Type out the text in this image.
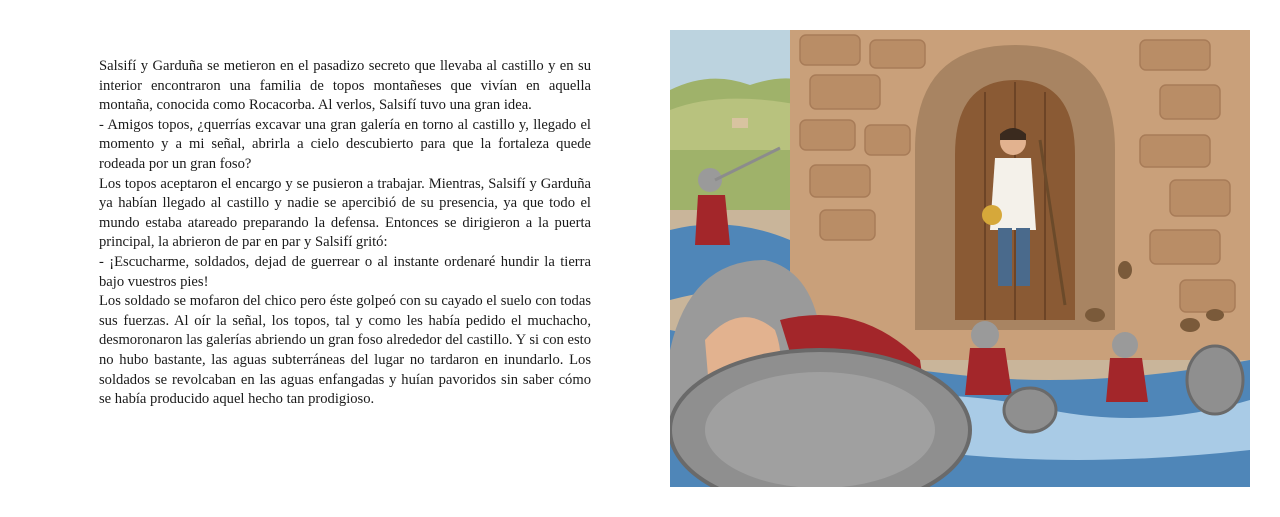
Salsifí y Garduña se metieron en el pasadizo secreto que llevaba al castillo y en su interior encontraron una familia de topos montañeses que vivían en aquella montaña, conocida como Rocacorba. Al verlos, Salsifí tuvo una gran idea.

- Amigos topos, ¿querrías excavar una gran galería en torno al castillo y, llegado el momento y a mi señal, abrirla a cielo descubierto para que la fortaleza quede rodeada por un gran foso?

Los topos aceptaron el encargo y se pusieron a trabajar. Mientras, Salsifí y Garduña ya habían llegado al castillo y nadie se apercibió de su presencia, ya que todo el mundo estaba atareado preparando la defensa. Entonces se dirigieron a la puerta principal, la abrieron de par en par y Salsifí gritó:

- ¡Escucharme, soldados, dejad de guerrear o al instante ordenaré hundir la tierra bajo vuestros pies!

Los soldado se mofaron del chico pero éste golpeó con su cayado el suelo con todas sus fuerzas. Al oír la señal, los topos, tal y como les había pedido el muchacho, desmoronaron las galerías abriendo un gran foso alrededor del castillo. Y si con esto no hubo bastante, las aguas subterráneas del lugar no tardaron en inundarlo. Los soldados se revolcaban en las aguas enfangadas y huían pavoridos sin saber cómo se había producido aquel hecho tan prodigioso.
